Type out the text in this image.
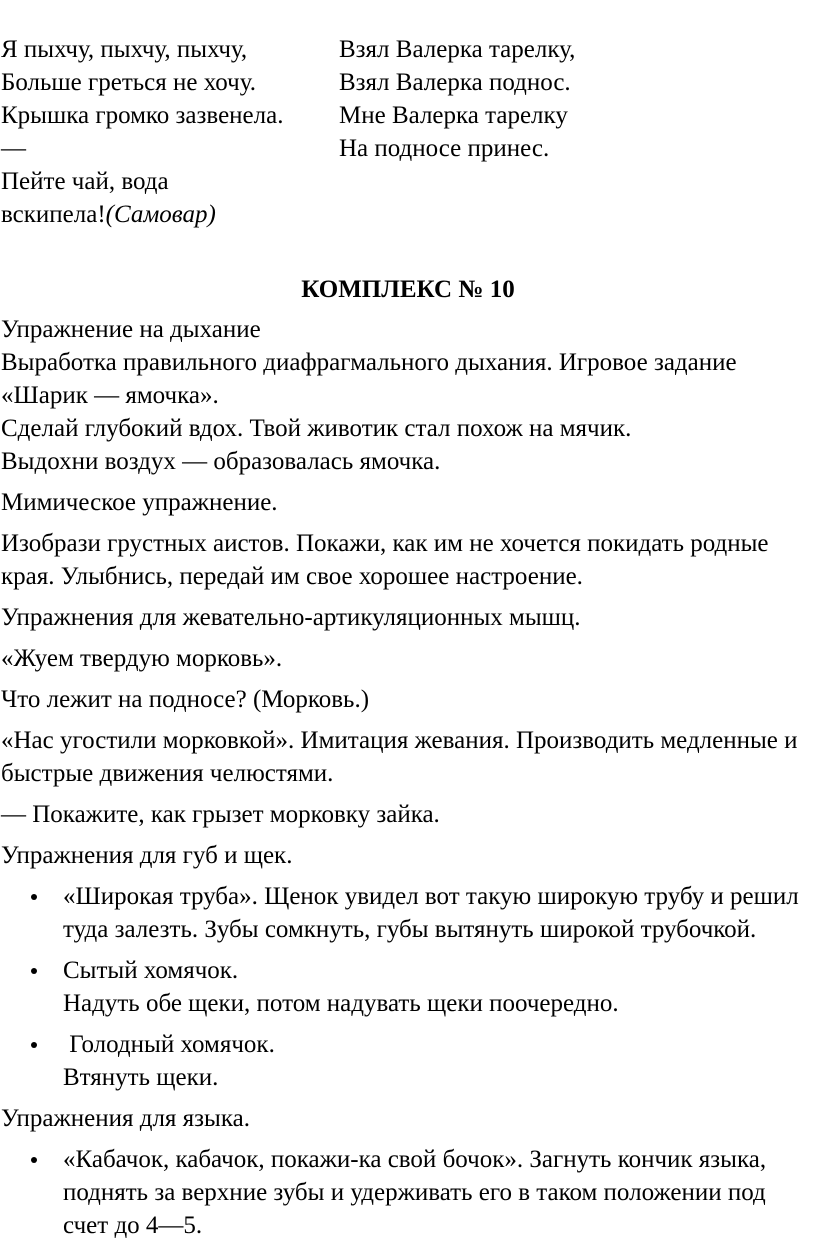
Я пыхчу, пыхчу, пыхчу,
Больше греться не хочу.
Крышка громко зазвенела.
—
Пейте чай, вода
вскипела!(Самовар)
Взял Валерка тарелку,
Взял Валерка поднос.
Мне Валерка тарелку
На подносе принес.
КОМПЛЕКС № 10

Упражнение на дыхание

Выработка правильного диафрагмального дыхания. Игровое задание «Шарик — ямочка».

Сделай глубокий вдох. Твой животик стал похож на мячик.

Выдохни воздух — образовалась ямочка.

Мимическое упражнение.

Изобрази грустных аистов. Покажи, как им не хочется покидать родные края. Улыбнись, передай им свое хорошее настроение.

Упражнения для жевательно-артикуляционных мышц.

«Жуем твердую морковь».

Что лежит на подносе? (Морковь.)

«Нас угостили морковкой». Имитация жевания. Производить медленные и быстрые движения челюстями.

— Покажите, как грызет морковку зайка.

Упражнения для губ и щек.

«Широкая труба». Щенок увидел вот такую широкую трубу и решил туда залезть. Зубы сомкнуть, губы вытянуть широкой трубочкой.
Сытый хомячок.
Надуть обе щеки, потом надувать щеки поочередно.
Голодный хомячок.
Втянуть щеки.

Упражнения для языка.

«Кабачок, кабачок, покажи-ка свой бочок». Загнуть кончик языка, поднять за верхние зубы и удерживать его в таком положении под счет до 4—5.
